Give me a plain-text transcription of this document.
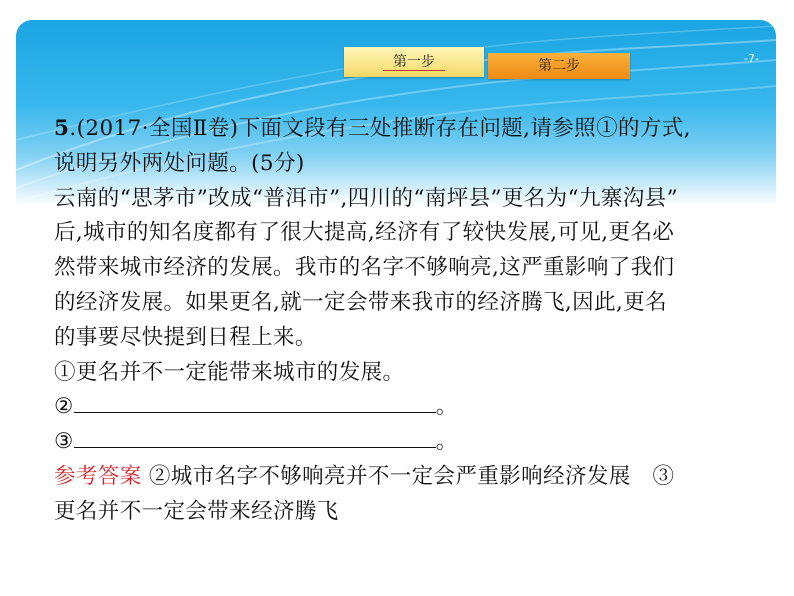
第一步	第二步	-7-
5.(2017·全国Ⅱ卷)下面文段有三处推断存在问题,请参照①的方式,
说明另外两处问题。(5分)
云南的“思茅市”改成“普洱市”,四川的“南坪县”更名为“九寨沟县”
后,城市的知名度都有了很大提高,经济有了较快发展,可见,更名必
然带来城市经济的发展。我市的名字不够响亮,这严重影响了我们
的经济发展。如果更名,就一定会带来我市的经济腾飞,因此,更名
的事要尽快提到日程上来。
①更名并不一定能带来城市的发展。
②	。
③	。
参考答案 ②城市名字不够响亮并不一定会严重影响经济发展　③
更名并不一定会带来经济腾飞
